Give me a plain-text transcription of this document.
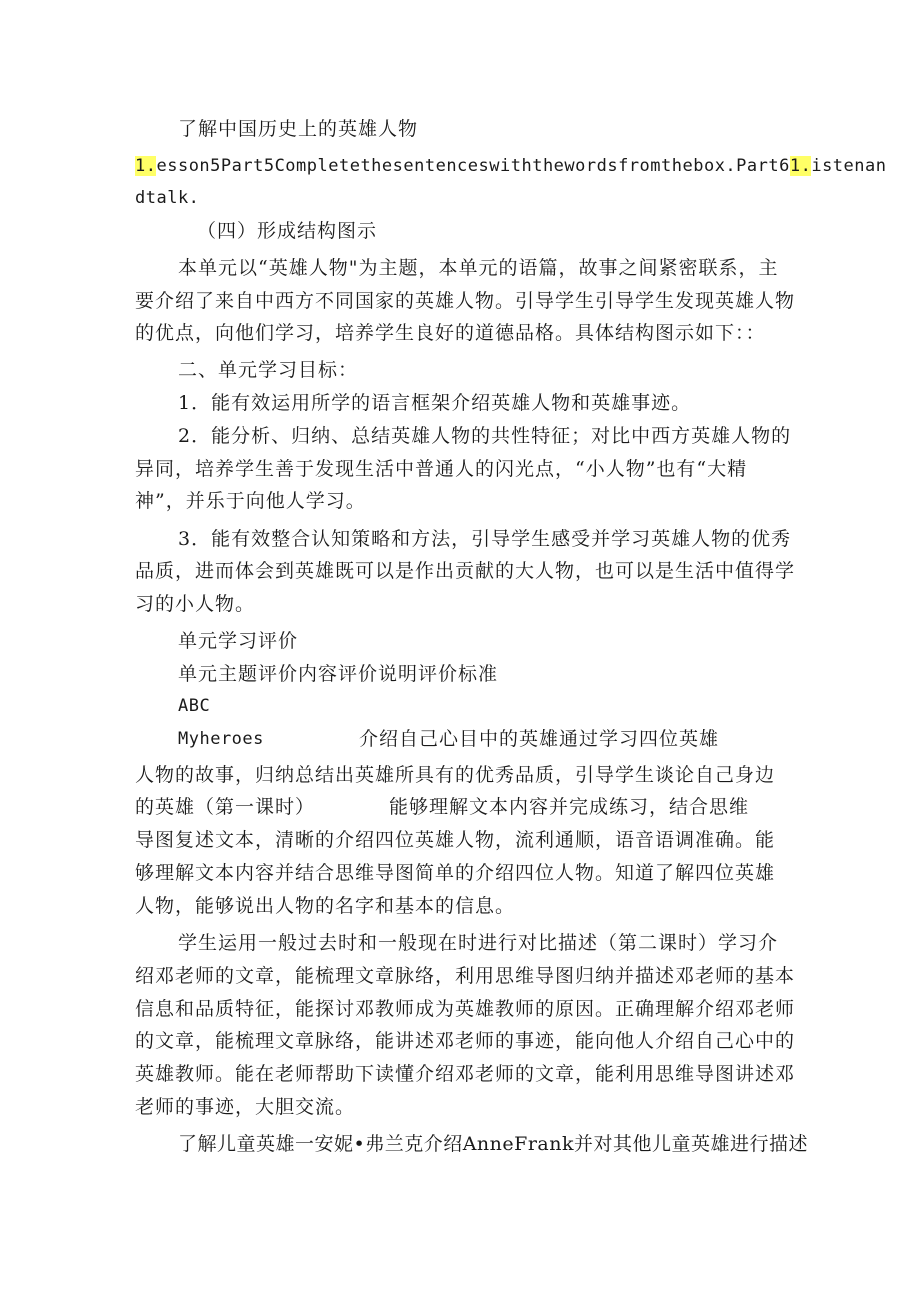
了解中国历史上的英雄人物
1.esson5Part5Completethesentenceswiththewordsfromthebox.Part61.istenan
dtalk.
（四）形成结构图示
本单元以“英雄人物"为主题，本单元的语篇，故事之间紧密联系，主
要介绍了来自中西方不同国家的英雄人物。引导学生引导学生发现英雄人物
的优点，向他们学习，培养学生良好的道德品格。具体结构图示如下：：
二、单元学习目标：
1．能有效运用所学的语言框架介绍英雄人物和英雄事迹。
2．能分析、归纳、总结英雄人物的共性特征；对比中西方英雄人物的
异同，培养学生善于发现生活中普通人的闪光点，“小人物”也有“大精
神”，并乐于向他人学习。
3．能有效整合认知策略和方法，引导学生感受并学习英雄人物的优秀
品质，进而体会到英雄既可以是作出贡献的大人物，也可以是生活中值得学
习的小人物。
单元学习评价
单元主题评价内容评价说明评价标准
ABC
Myheroes	介绍自己心目中的英雄通过学习四位英雄
人物的故事，归纳总结出英雄所具有的优秀品质，引导学生谈论自己身边
的英雄（第一课时）	能够理解文本内容并完成练习，结合思维
导图复述文本，清晰的介绍四位英雄人物，流利通顺，语音语调准确。能
够理解文本内容并结合思维导图简单的介绍四位人物。知道了解四位英雄
人物，能够说出人物的名字和基本的信息。
学生运用一般过去时和一般现在时进行对比描述（第二课时）学习介
绍邓老师的文章，能梳理文章脉络，利用思维导图归纳并描述邓老师的基本
信息和品质特征，能探讨邓教师成为英雄教师的原因。正确理解介绍邓老师
的文章，能梳理文章脉络，能讲述邓老师的事迹，能向他人介绍自己心中的
英雄教师。能在老师帮助下读懂介绍邓老师的文章，能利用思维导图讲述邓
老师的事迹，大胆交流。
了解儿童英雄一安妮•弗兰克介绍AnneFrank并对其他儿童英雄进行描述
